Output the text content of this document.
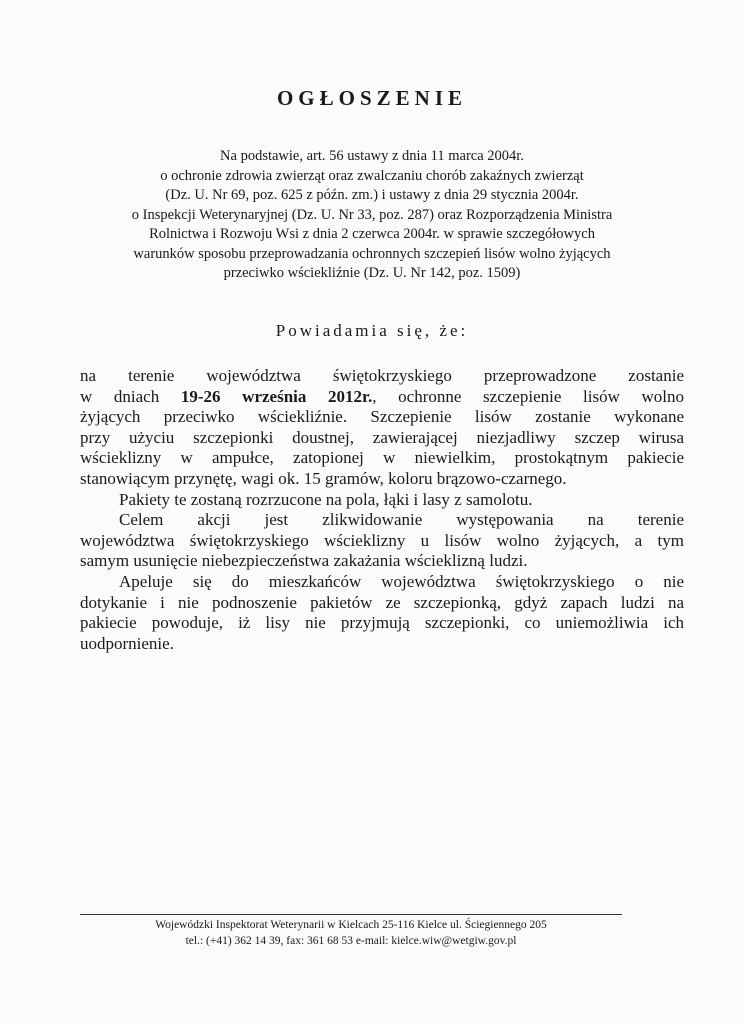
OGŁOSZENIE
Na podstawie, art. 56 ustawy z dnia 11 marca 2004r.
o ochronie zdrowia zwierząt oraz zwalczaniu chorób zakaźnych zwierząt
(Dz. U. Nr 69, poz. 625 z późn. zm.) i ustawy z dnia 29 stycznia 2004r.
o Inspekcji Weterynaryjnej (Dz. U. Nr 33, poz. 287) oraz Rozporządzenia Ministra
Rolnictwa i Rozwoju Wsi z dnia 2 czerwca 2004r. w sprawie szczegółowych
warunków sposobu przeprowadzania ochronnych szczepień lisów wolno żyjących
przeciwko wściekliźnie (Dz. U. Nr 142, poz. 1509)
Powiadamia się, że:
na terenie województwa świętokrzyskiego przeprowadzone zostanie
w dniach 19-26 września 2012r., ochronne szczepienie lisów wolno
żyjących przeciwko wściekliźnie. Szczepienie lisów zostanie wykonane
przy użyciu szczepionki doustnej, zawierającej niezjadliwy szczep wirusa
wścieklizny w ampułce, zatopionej w niewielkim, prostokątnym pakiecie
stanowiącym przynętę, wagi ok. 15 gramów, koloru brązowo-czarnego.
Pakiety te zostaną rozrzucone na pola, łąki i lasy z samolotu.
Celem akcji jest zlikwidowanie występowania na terenie
województwa świętokrzyskiego wścieklizny u lisów wolno żyjących, a tym
samym usunięcie niebezpieczeństwa zakażania wścieklizną ludzi.
Apeluje się do mieszkańców województwa świętokrzyskiego o nie
dotykanie i nie podnoszenie pakietów ze szczepionką, gdyż zapach ludzi na
pakiecie powoduje, iż lisy nie przyjmują szczepionki, co uniemożliwia ich
uodpornienie.
Wojewódzki Inspektorat Weterynarii w Kielcach 25-116 Kielce ul. Ściegiennego 205
tel.: (+41) 362 14 39, fax: 361 68 53 e-mail: kielce.wiw@wetgiw.gov.pl
